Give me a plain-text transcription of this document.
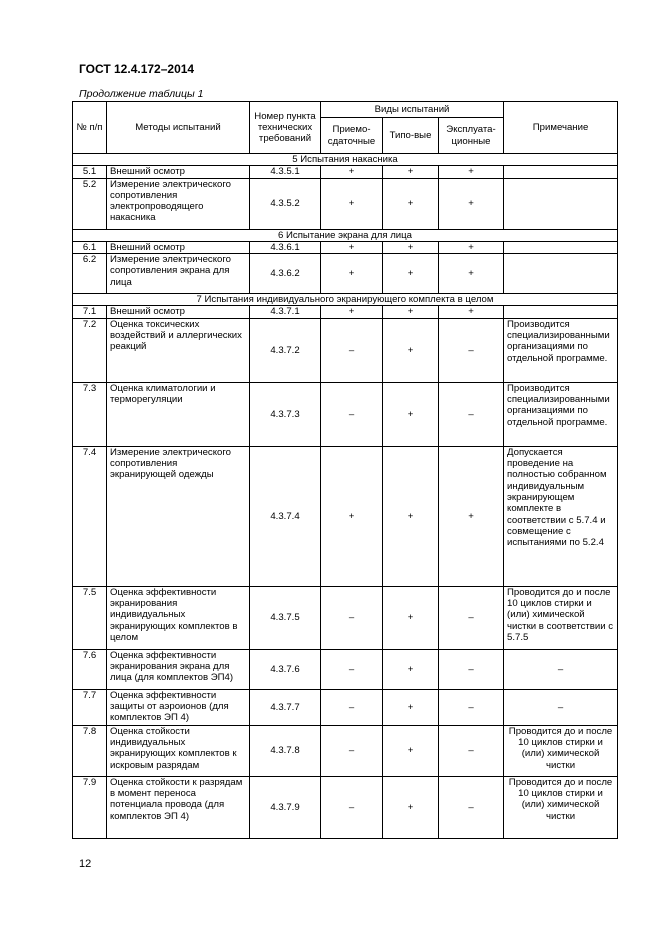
ГОСТ 12.4.172–2014
Продолжение таблицы 1
№ п/п	Методы испытаний	Номер пункта технических требований	Виды испытаний			Примечание
			Приемо-сдаточные	Типо-вые	Эксплуата-ционные	
5 Испытания накасника						
5.1	Внешний осмотр	4.3.5.1	+	+	+	
5.2	Измерение электрического сопротивления электропроводящего накасника	4.3.5.2	+	+	+	
6 Испытание экрана для лица						
6.1	Внешний осмотр	4.3.6.1	+	+	+	
6.2	Измерение электрического сопротивления экрана для лица	4.3.6.2	+	+	+	
7 Испытания индивидуального экранирующего комплекта в целом						
7.1	Внешний осмотр	4.3.7.1	+	+	+	
7.2	Оценка токсических воздействий и аллергических реакций	4.3.7.2	–	+	–	Производится специализированными организациями по отдельной программе.
7.3	Оценка климатологии и терморегуляции	4.3.7.3	–	+	–	Производится специализированными организациями по отдельной программе.
7.4	Измерение электрического сопротивления экранирующей одежды	4.3.7.4	+	+	+	Допускается проведение на полностью собранном индивидуальным экранирующем комплекте в соответствии с 5.7.4 и совмещение с испытаниями по 5.2.4
7.5	Оценка эффективности экранирования индивидуальных экранирующих комплектов в целом	4.3.7.5	–	+	–	Проводится до и после 10 циклов стирки и (или) химической чистки в соответствии с 5.7.5
7.6	Оценка эффективности экранирования экрана для лица (для комплектов ЭП4)	4.3.7.6	–	+	–	–
7.7	Оценка эффективности защиты от аэроионов (для комплектов ЭП 4)	4.3.7.7	–	+	–	–
7.8	Оценка стойкости индивидуальных экранирующих комплектов к искровым разрядам	4.3.7.8	–	+	–	Проводится до и после 10 циклов стирки и (или) химической чистки
7.9	Оценка стойкости к разрядам в момент переноса потенциала провода (для комплектов ЭП 4)	4.3.7.9	–	+	–	Проводится до и после 10 циклов стирки и (или) химической чистки
12
